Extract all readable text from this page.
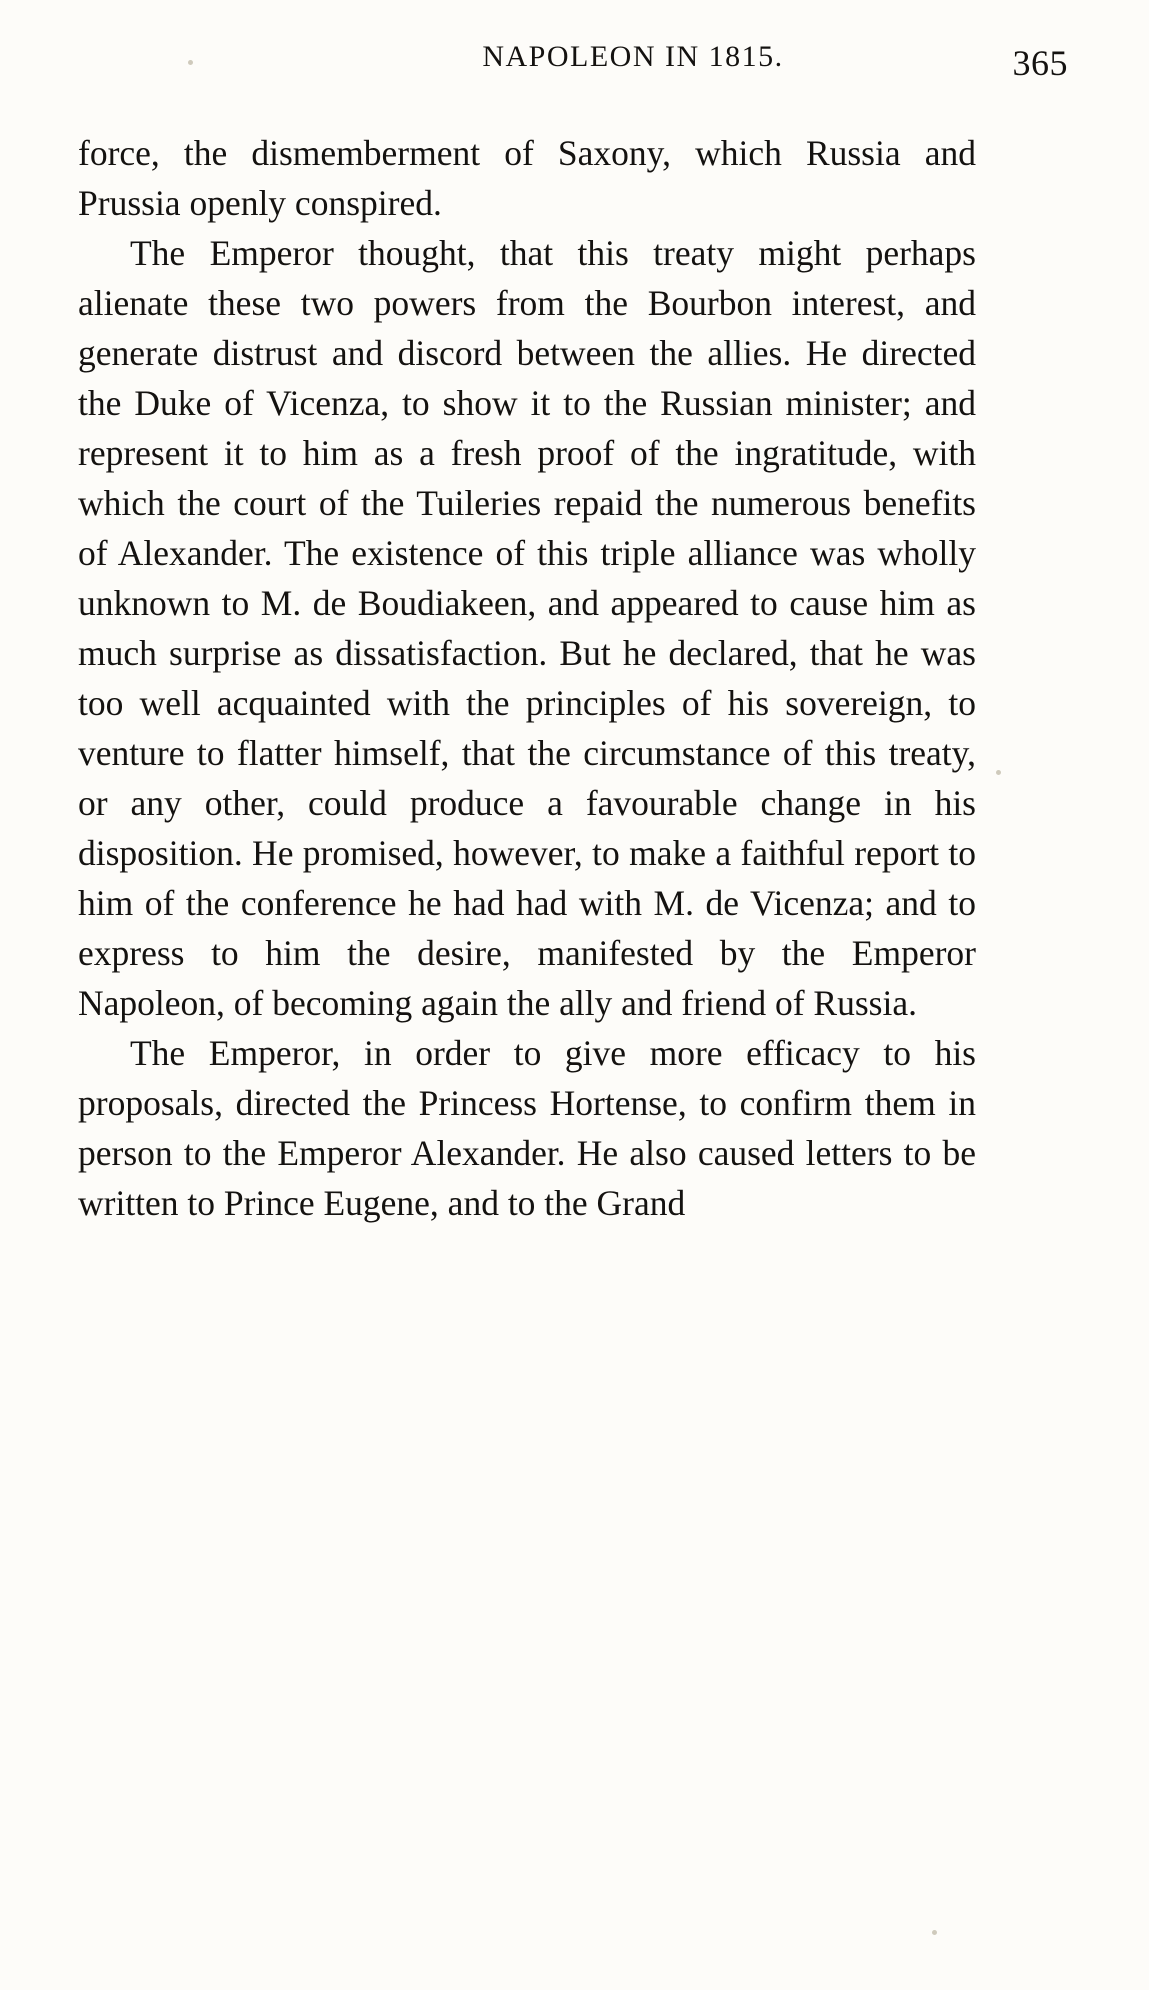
NAPOLEON IN 1815.	365

force, the dismemberment of Saxony, which Russia and Prussia openly conspired.

The Emperor thought, that this treaty might perhaps alienate these two powers from the Bourbon interest, and generate distrust and discord between the allies. He directed the Duke of Vicenza, to show it to the Russian minister; and represent it to him as a fresh proof of the ingratitude, with which the court of the Tuileries repaid the numerous benefits of Alexander. The existence of this triple alliance was wholly unknown to M. de Boudiakeen, and appeared to cause him as much surprise as dissatisfaction. But he declared, that he was too well acquainted with the principles of his sovereign, to venture to flatter himself, that the circumstance of this treaty, or any other, could produce a favourable change in his disposition. He promised, however, to make a faithful report to him of the conference he had had with M. de Vicenza; and to express to him the desire, manifested by the Emperor Napoleon, of becoming again the ally and friend of Russia.

The Emperor, in order to give more efficacy to his proposals, directed the Princess Hortense, to confirm them in person to the Emperor Alexander. He also caused letters to be written to Prince Eugene, and to the Grand
